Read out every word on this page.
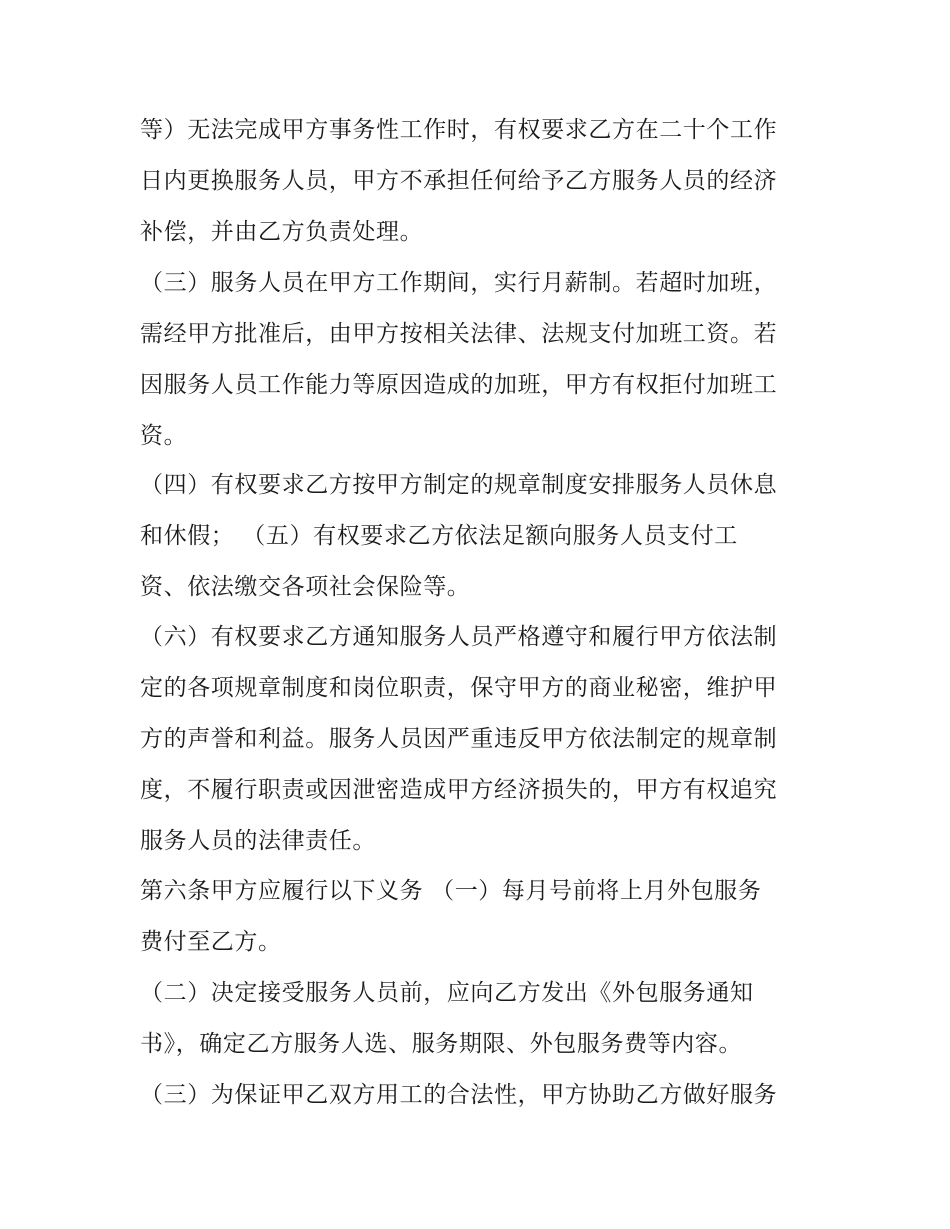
等）无法完成甲方事务性工作时，有权要求乙方在二十个工作
日内更换服务人员，甲方不承担任何给予乙方服务人员的经济
补偿，并由乙方负责处理。
（三）服务人员在甲方工作期间，实行月薪制。若超时加班，
需经甲方批准后，由甲方按相关法律、法规支付加班工资。若
因服务人员工作能力等原因造成的加班，甲方有权拒付加班工
资。
（四）有权要求乙方按甲方制定的规章制度安排服务人员休息
和休假； （五）有权要求乙方依法足额向服务人员支付工
资、依法缴交各项社会保险等。
（六）有权要求乙方通知服务人员严格遵守和履行甲方依法制
定的各项规章制度和岗位职责，保守甲方的商业秘密，维护甲
方的声誉和利益。服务人员因严重违反甲方依法制定的规章制
度，不履行职责或因泄密造成甲方经济损失的，甲方有权追究
服务人员的法律责任。
第六条甲方应履行以下义务 （一）每月号前将上月外包服务
费付至乙方。
（二）决定接受服务人员前，应向乙方发出《外包服务通知
书》，确定乙方服务人选、服务期限、外包服务费等内容。
（三）为保证甲乙双方用工的合法性，甲方协助乙方做好服务
